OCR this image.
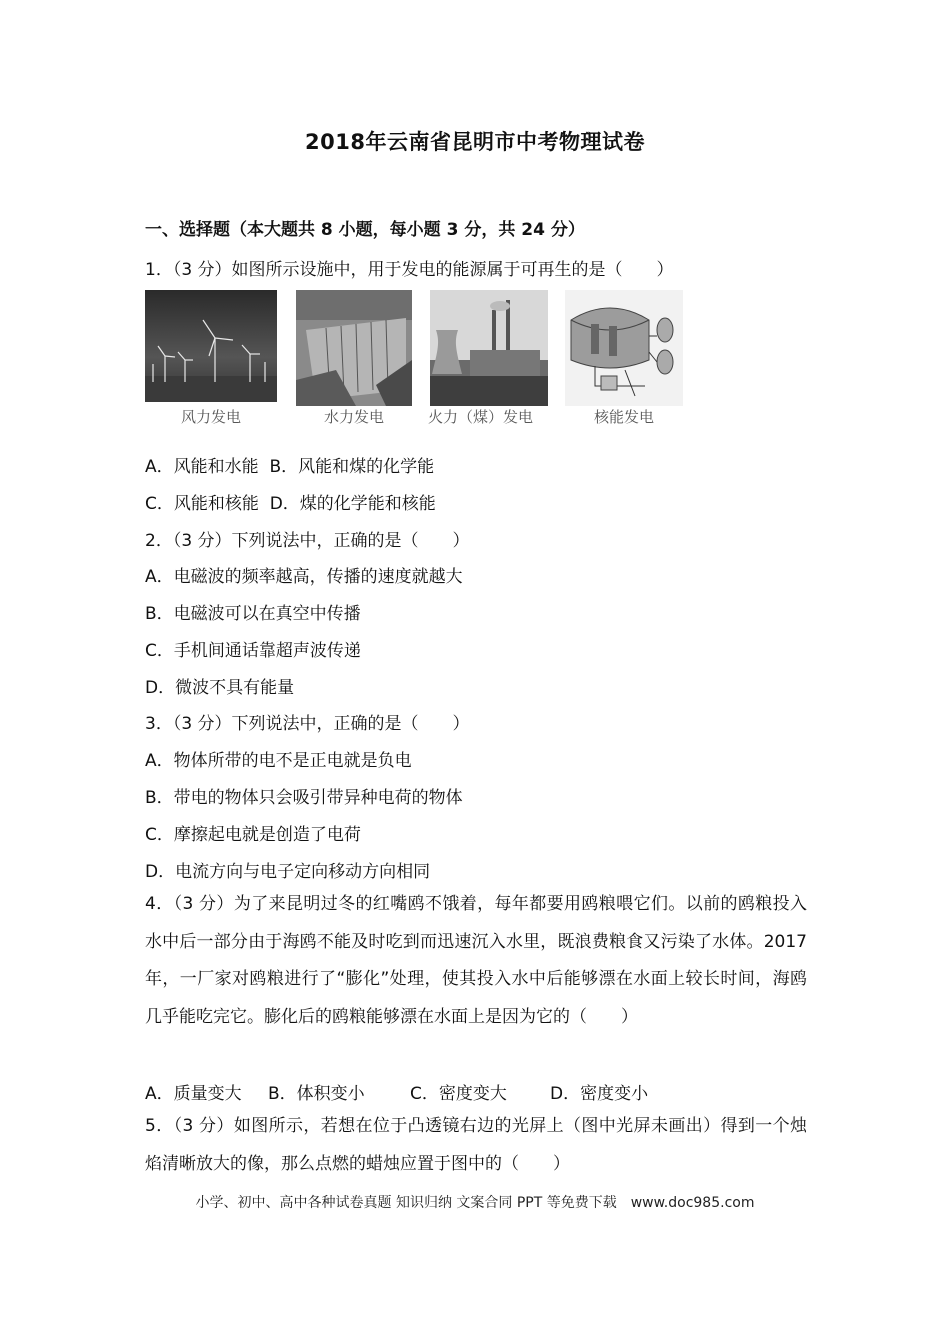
2018年云南省昆明市中考物理试卷
一、选择题（本大题共 8 小题，每小题 3 分，共 24 分）
1．（3 分）如图所示设施中，用于发电的能源属于可再生的是（　　）
风力发电	水力发电	火力（煤）发电	核能发电
A．风能和水能 B．风能和煤的化学能
C．风能和核能 D．煤的化学能和核能
2．（3 分）下列说法中，正确的是（　　）
A．电磁波的频率越高，传播的速度就越大
B．电磁波可以在真空中传播
C．手机间通话靠超声波传递
D．微波不具有能量
3．（3 分）下列说法中，正确的是（　　）
A．物体所带的电不是正电就是负电
B．带电的物体只会吸引带异种电荷的物体
C．摩擦起电就是创造了电荷
D．电流方向与电子定向移动方向相同
4．（3 分）为了来昆明过冬的红嘴鸥不饿着，每年都要用鸥粮喂它们。以前的鸥粮投入水中后一部分由于海鸥不能及时吃到而迅速沉入水里，既浪费粮食又污染了水体。2017 年，一厂家对鸥粮进行了“膨化”处理，使其投入水中后能够漂在水面上较长时间，海鸥几乎能吃完它。膨化后的鸥粮能够漂在水面上是因为它的（　　）
A．质量变大 B．体积变小	C．密度变大	D．密度变小
5．（3 分）如图所示，若想在位于凸透镜右边的光屏上（图中光屏未画出）得到一个烛焰清晰放大的像，那么点燃的蜡烛应置于图中的（　　）
小学、初中、高中各种试卷真题 知识归纳 文案合同 PPT 等免费下载　www.doc985.com
